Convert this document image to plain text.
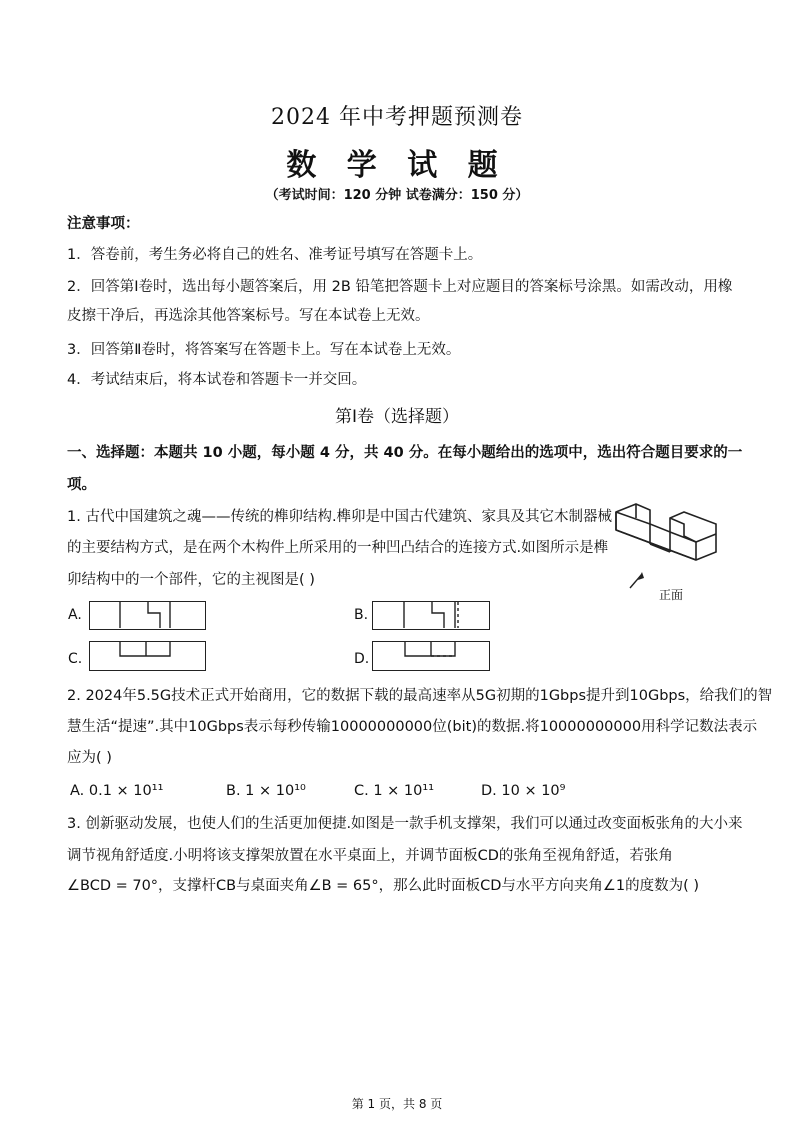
2024 年中考押题预测卷
数 学 试 题
（考试时间：120 分钟 试卷满分：150 分）
注意事项：
1．答卷前，考生务必将自己的姓名、准考证号填写在答题卡上。
2．回答第Ⅰ卷时，选出每小题答案后，用 2B 铅笔把答题卡上对应题目的答案标号涂黑。如需改动，用橡
皮擦干净后，再选涂其他答案标号。写在本试卷上无效。
3．回答第Ⅱ卷时，将答案写在答题卡上。写在本试卷上无效。
4．考试结束后，将本试卷和答题卡一并交回。
第Ⅰ卷（选择题）
一、选择题：本题共 10 小题，每小题 4 分，共 40 分。在每小题给出的选项中，选出符合题目要求的一
项。
1. 古代中国建筑之魂——传统的榫卯结构.榫卯是中国古代建筑、家具及其它木制器械
的主要结构方式，是在两个木构件上所采用的一种凹凸结合的连接方式.如图所示是榫
卯结构中的一个部件，它的主视图是( )
正面
A.	B.
C.	D.
2. 2024年5.5G技术正式开始商用，它的数据下载的最高速率从5G初期的1Gbps提升到10Gbps，给我们的智
慧生活“提速”.其中10Gbps表示每秒传输10000000000位(bit)的数据.将10000000000用科学记数法表示
应为( )
A. 0.1 × 10¹¹	B. 1 × 10¹⁰	C. 1 × 10¹¹	D. 10 × 10⁹
3. 创新驱动发展，也使人们的生活更加便捷.如图是一款手机支撑架，我们可以通过改变面板张角的大小来
调节视角舒适度.小明将该支撑架放置在水平桌面上，并调节面板CD的张角至视角舒适，若张角
∠BCD = 70°，支撑杆CB与桌面夹角∠B = 65°，那么此时面板CD与水平方向夹角∠1的度数为( )
第 1 页，共 8 页
